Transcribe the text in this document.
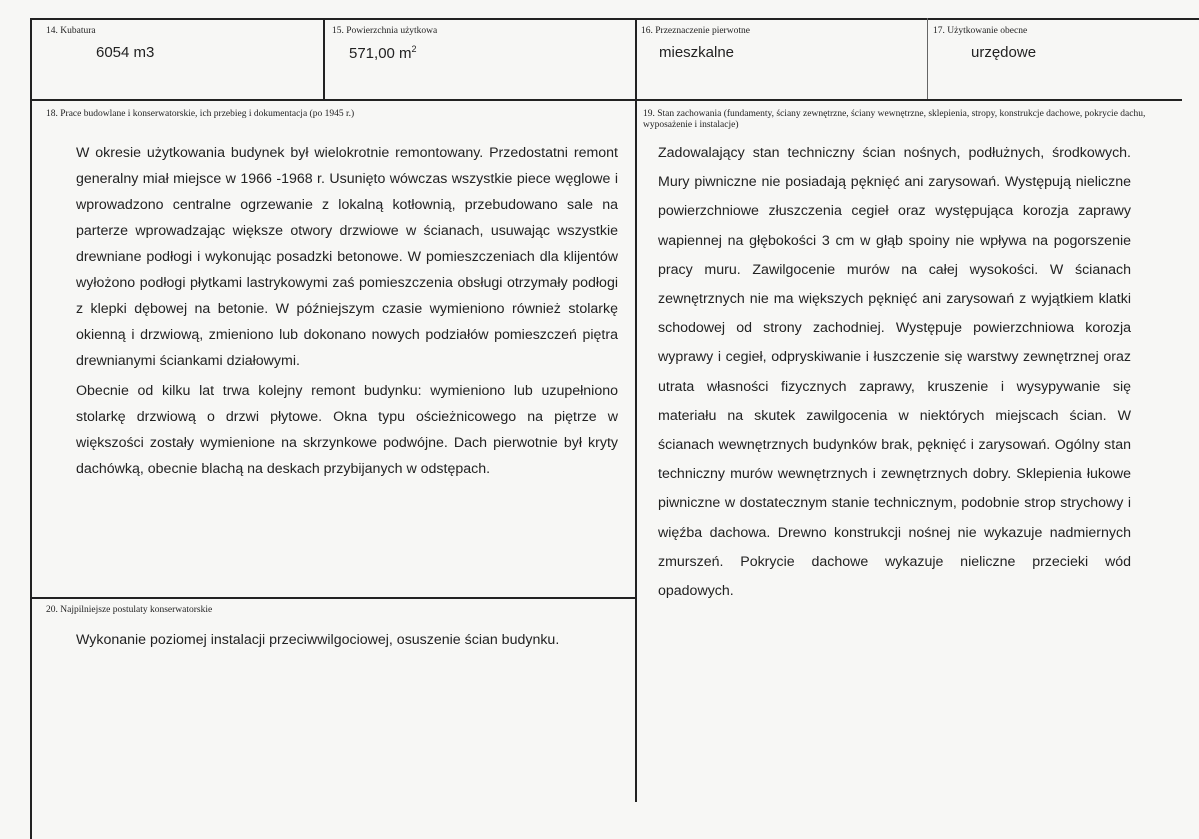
14. Kubatura
6054 m3
15. Powierzchnia użytkowa
571,00 $m^2$
16. Przeznaczenie pierwotne
mieszkalne
17. Użytkowanie obecne
urzędowe
18. Prace budowlane i konserwatorskie, ich przebieg i dokumentacja (po 1945 r.)

W okresie użytkowania budynek był wielokrotnie remontowany. Przedostatni remont generalny miał miejsce w 1966 -1968 r. Usunięto wówczas wszystkie piece węglowe i wprowadzono centralne ogrzewanie z lokalną kotłownią, przebudowano sale na parterze wprowadzając większe otwory drzwiowe w ścianach, usuwając wszystkie drewniane podłogi i wykonując posadzki betonowe. W pomieszczeniach dla klijentów wyłożono podłogi płytkami lastrykowymi zaś pomieszczenia obsługi otrzymały podłogi z klepki dębowej na betonie. W późniejszym czasie wymieniono również stolarkę okienną i drzwiową, zmieniono lub dokonano nowych podziałów pomieszczeń piętra drewnianymi ściankami działowymi.

Obecnie od kilku lat trwa kolejny remont budynku: wymieniono lub uzupełniono stolarkę drzwiową o drzwi płytowe. Okna typu ościeżnicowego na piętrze w większości zostały wymienione na skrzynkowe podwójne. Dach pierwotnie był kryty dachówką, obecnie blachą na deskach przybijanych w odstępach.

19. Stan zachowania (fundamenty, ściany zewnętrzne, ściany wewnętrzne, sklepienia, stropy, konstrukcje dachowe, pokrycie dachu, wyposażenie i instalacje)

Zadowalający stan techniczny ścian nośnych, podłużnych, środkowych. Mury piwniczne nie posiadają pęknięć ani zarysowań. Występują nieliczne powierzchniowe złuszczenia cegieł oraz występująca korozja zaprawy wapiennej na głębokości 3 cm w głąb spoiny nie wpływa na pogorszenie pracy muru. Zawilgocenie murów na całej wysokości. W ścianach zewnętrznych nie ma większych pęknięć ani zarysowań z wyjątkiem klatki schodowej od strony zachodniej. Występuje powierzchniowa korozja wyprawy i cegieł, odpryskiwanie i łuszczenie się warstwy zewnętrznej oraz utrata własności fizycznych zaprawy, kruszenie i wysypywanie się materiału na skutek zawilgocenia w niektórych miejscach ścian. W ścianach wewnętrznych budynków brak, pęknięć i zarysowań. Ogólny stan techniczny murów wewnętrznych i zewnętrznych dobry. Sklepienia łukowe piwniczne w dostatecznym stanie technicznym, podobnie strop strychowy i więźba dachowa. Drewno konstrukcji nośnej nie wykazuje nadmiernych zmurszeń. Pokrycie dachowe wykazuje nieliczne przecieki wód opadowych.

20. Najpilniejsze postulaty konserwatorskie

Wykonanie poziomej instalacji przeciwwilgociowej, osuszenie ścian budynku.
